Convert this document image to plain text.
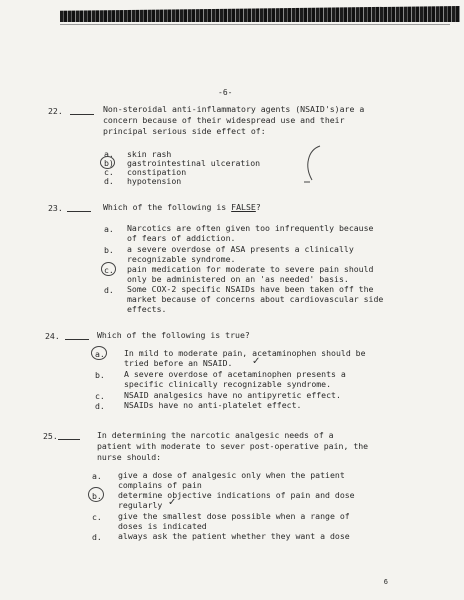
-6-
22.	Non-steroidal anti-inflammatory agents (NSAID's)are a
concern because of their widespread use and their
principal serious side effect of:
a. skin rash
b) gastrointestinal ulceration
c. constipation
d. hypotension
23.	Which of the following is FALSE?
a. Narcotics are often given too infrequently because
of fears of addiction.
b. a severe overdose of ASA presents a clinically
recognizable syndrome.
c. pain medication for moderate to severe pain should
only be administered on an 'as needed' basis.
d. Some COX-2 specific NSAIDs have been taken off the
market because of concerns about cardiovascular side
effects.
24.	Which of the following is true?
a. In mild to moderate pain, acetaminophen should be
tried before an NSAID. ✓
b. A severe overdose of acetaminophen presents a
specific clinically recognizable syndrome.
c. NSAID analgesics have no antipyretic effect.
d. NSAIDs have no anti-platelet effect.
25.	In determining the narcotic analgesic needs of a
patient with moderate to sever post-operative pain, the
nurse should:
a. give a dose of analgesic only when the patient
complains of pain
b. determine objective indications of pain and dose
regularly ✓
c. give the smallest dose possible when a range of
doses is indicated
d. always ask the patient whether they want a dose
6
